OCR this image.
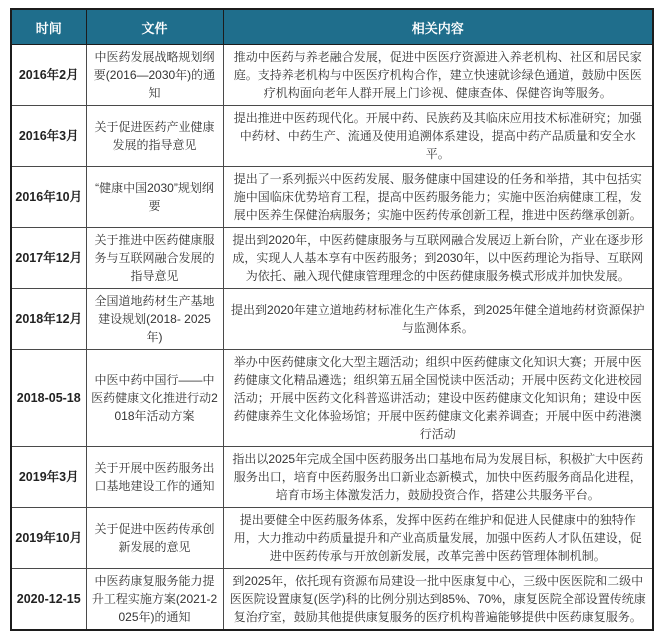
时间	文件	相关内容
2016年2月	中医药发展战略规划纲要(2016—2030年)的通知	推动中医药与养老融合发展，促进中医医疗资源进入养老机构、社区和居民家庭。支持养老机构与中医医疗机构合作，建立快速就诊绿色通道，鼓励中医医疗机构面向老年人群开展上门诊视、健康查体、保健咨询等服务。
2016年3月	关于促进医药产业健康发展的指导意见	提出推进中医药现代化。开展中药、民族药及其临床应用技术标准研究；加强中药材、中药生产、流通及使用追溯体系建设，提高中药产品质量和安全水平。
2016年10月	“健康中国2030”规划纲要	提出了一系列振兴中医药发展、服务健康中国建设的任务和举措，其中包括实施中国临床优势培育工程，提高中医药服务能力；实施中医治病健康工程，发展中医养生保健治病服务；实施中医药传承创新工程，推进中医药继承创新。
2017年12月	关于推进中医药健康服务与互联网融合发展的指导意见	提出到2020年，中医药健康服务与互联网融合发展迈上新台阶，产业在逐步形成，实现人人基本享有中医药服务；到2030年，以中医药理论为指导、互联网为依托、融入现代健康管理理念的中医药健康服务模式形成并加快发展。
2018年12月	全国道地药材生产基地建设规划(2018- 2025年)	提出到2020年建立道地药材标准化生产体系，到2025年健全道地药材资源保护与监测体系。
2018-05-18	中医中药中国行——中医药健康文化推进行动2018年活动方案	举办中医药健康文化大型主题活动；组织中医药健康文化知识大赛；开展中医药健康文化精品遴选；组织第五届全国悦读中医活动；开展中医药文化进校园活动；开展中医药文化科普巡讲活动；建设中医药健康文化知识角；建设中医药健康养生文化体验场馆；开展中医药健康文化素养调查；开展中医中药港澳行活动
2019年3月	关于开展中医药服务出口基地建设工作的通知	指出以2025年完成全国中医药服务出口基地布局为发展目标，积极扩大中医药服务出口，培育中医药服务出口新业态新模式，加快中医药服务商品化进程，培育市场主体激发活力，鼓励投资合作，搭建公共服务平台。
2019年10月	关于促进中医药传承创新发展的意见	提出要健全中医药服务体系，发挥中医药在维护和促进人民健康中的独特作用，大力推动中药质量提升和产业高质量发展，加强中医药人才队伍建设，促进中医药传承与开放创新发展，改革完善中医药管理体制机制。
2020-12-15	中医药康复服务能力提升工程实施方案(2021-2025年)的通知	到2025年，依托现有资源布局建设一批中医康复中心，三级中医医院和二级中医医院设置康复(医学)科的比例分别达到85%、70%，康复医院全部设置传统康复治疗室，鼓励其他提供康复服务的医疗机构普遍能够提供中医药康复服务。
